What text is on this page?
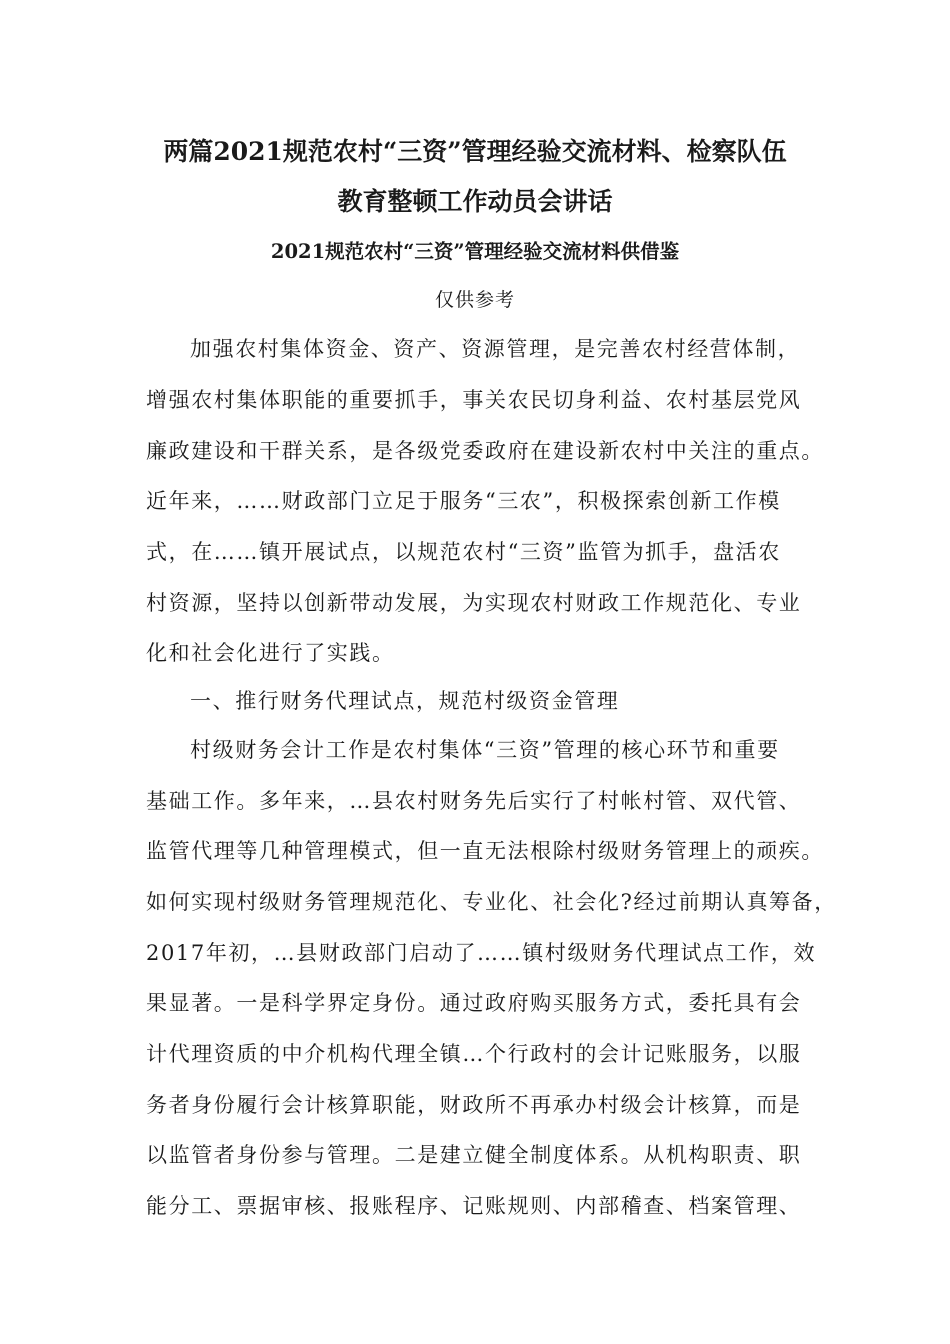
两篇2021规范农村“三资”管理经验交流材料、检察队伍
教育整顿工作动员会讲话
2021规范农村“三资”管理经验交流材料供借鉴
仅供参考
加强农村集体资金、资产、资源管理，是完善农村经营体制，
增强农村集体职能的重要抓手，事关农民切身利益、农村基层党风
廉政建设和干群关系，是各级党委政府在建设新农村中关注的重点。
近年来，……财政部门立足于服务“三农”，积极探索创新工作模
式，在……镇开展试点，以规范农村“三资”监管为抓手，盘活农
村资源，坚持以创新带动发展，为实现农村财政工作规范化、专业
化和社会化进行了实践。
一、推行财务代理试点，规范村级资金管理
村级财务会计工作是农村集体“三资”管理的核心环节和重要
基础工作。多年来，…县农村财务先后实行了村帐村管、双代管、
监管代理等几种管理模式，但一直无法根除村级财务管理上的顽疾。
如何实现村级财务管理规范化、专业化、社会化?经过前期认真筹备，
2017年初，…县财政部门启动了……镇村级财务代理试点工作，效
果显著。一是科学界定身份。通过政府购买服务方式，委托具有会
计代理资质的中介机构代理全镇…个行政村的会计记账服务，以服
务者身份履行会计核算职能，财政所不再承办村级会计核算，而是
以监管者身份参与管理。二是建立健全制度体系。从机构职责、职
能分工、票据审核、报账程序、记账规则、内部稽查、档案管理、
